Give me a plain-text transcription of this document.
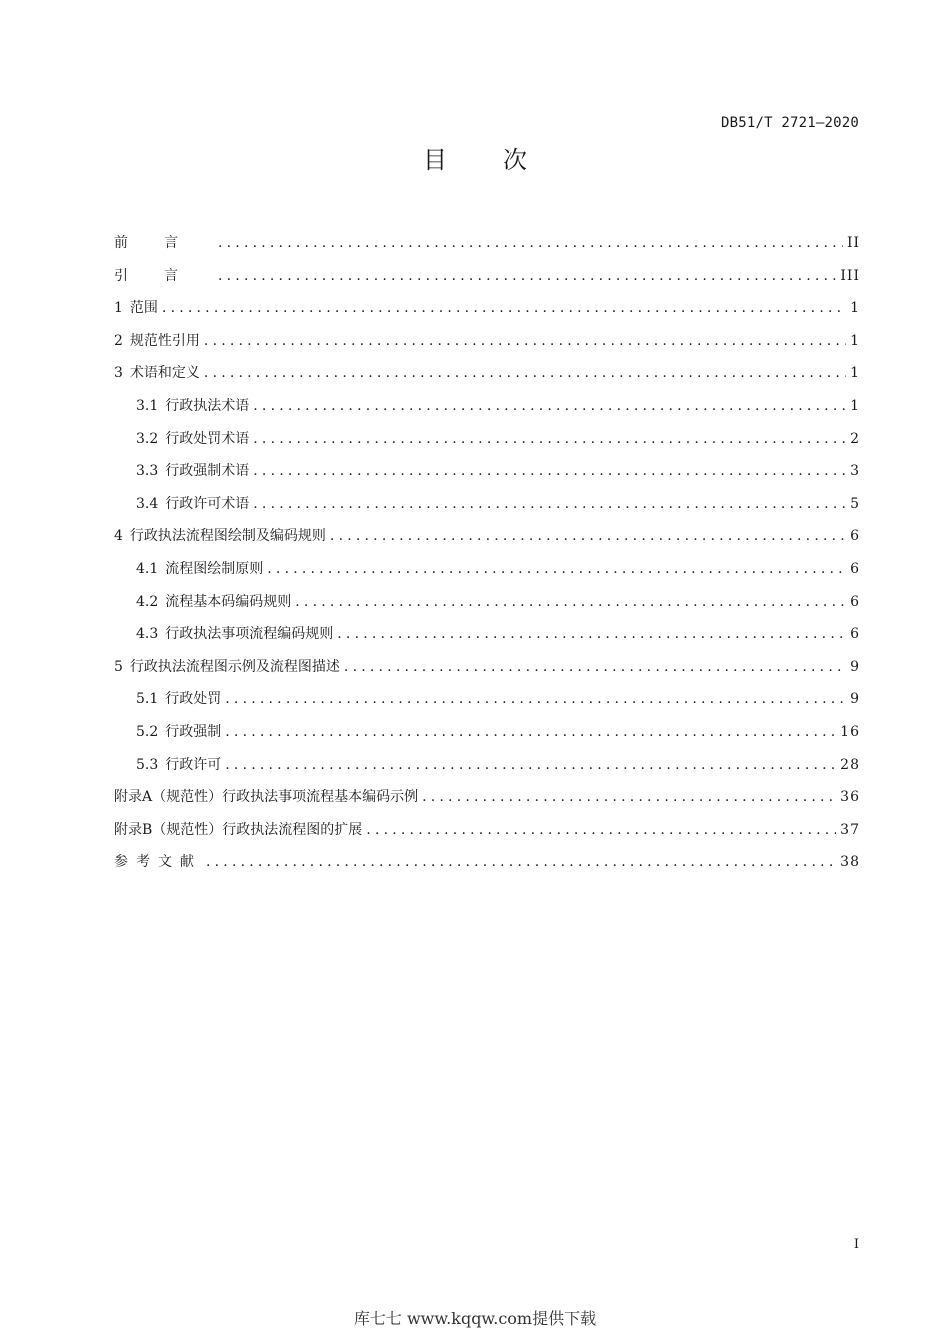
DB51/T 2721—2020
目次
前言 .....	II
引言 .....	III
1 范围 .....	1
2 规范性引用 .....	1
3 术语和定义 .....	1
3.1 行政执法术语 .....	1
3.2 行政处罚术语 .....	2
3.3 行政强制术语 .....	3
3.4 行政许可术语 .....	5
4 行政执法流程图绘制及编码规则 .....	6
4.1 流程图绘制原则 .....	6
4.2 流程基本码编码规则 .....	6
4.3 行政执法事项流程编码规则 .....	6
5 行政执法流程图示例及流程图描述 .....	9
5.1 行政处罚 .....	9
5.2 行政强制 .....	16
5.3 行政许可 .....	28
附录A（规范性）行政执法事项流程基本编码示例 .....	36
附录B（规范性）行政执法流程图的扩展 .....	37
参考文献 .....	38
I
库七七 www.kqqw.com提供下载
